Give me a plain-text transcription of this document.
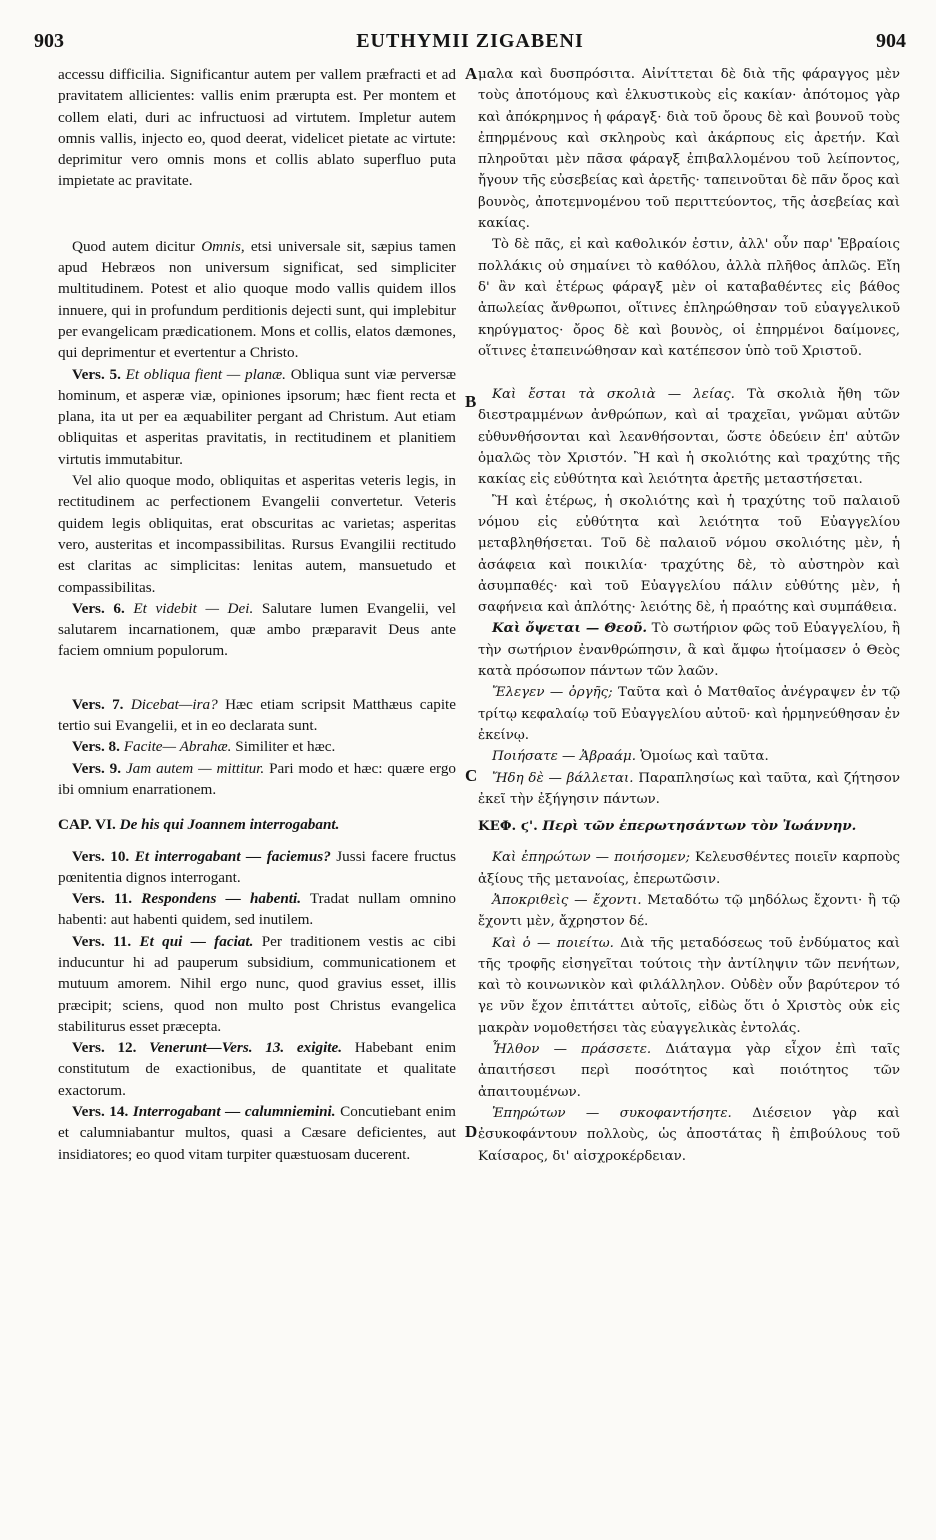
903	EUTHYMII ZIGABENI	904
A
B
C
D

accessu difficilia. Significantur autem per vallem præfracti et ad pravitatem allicientes: vallis enim prærupta est. Per montem et collem elati, duri ac infructuosi ad virtutem. Impletur autem omnis vallis, injecto eo, quod deerat, videlicet pietate ac virtute: deprimitur vero omnis mons et collis ablato superfluo puta impietate ac pravitate.

Quod autem dicitur Omnis, etsi universale sit, sæpius tamen apud Hebræos non universum significat, sed simpliciter multitudinem. Potest et alio quoque modo vallis quidem illos innuere, qui in profundum perditionis dejecti sunt, qui implebitur per evangelicam prædicationem. Mons et collis, elatos dæmones, qui deprimentur et evertentur a Christo.

Vers. 5. Et obliqua fient — planæ. Obliqua sunt viæ perversæ hominum, et asperæ viæ, opiniones ipsorum; hæc fient recta et plana, ita ut per ea æquabiliter pergant ad Christum. Aut etiam obliquitas et asperitas pravitatis, in rectitudinem et planitiem virtutis immutabitur.

Vel alio quoque modo, obliquitas et asperitas veteris legis, in rectitudinem ac perfectionem Evangelii convertetur. Veteris quidem legis obliquitas, erat obscuritas ac varietas; asperitas vero, austeritas et incompassibilitas. Rursus Evangilii rectitudo est claritas ac simplicitas: lenitas autem, mansuetudo et compassibilitas.

Vers. 6. Et videbit — Dei. Salutare lumen Evangelii, vel salutarem incarnationem, quæ ambo præparavit Deus ante faciem omnium populorum.

Vers. 7. Dicebat—ira? Hæc etiam scripsit Matthæus capite tertio sui Evangelii, et in eo declarata sunt.

Vers. 8. Facite— Abrahæ. Similiter et hæc.

Vers. 9. Jam autem — mittitur. Pari modo et hæc: quære ergo ibi omnium enarrationem.

CAP. VI. De his qui Joannem interrogabant.

Vers. 10. Et interrogabant — faciemus? Jussi facere fructus pœnitentia dignos interrogant.

Vers. 11. Respondens — habenti. Tradat nullam omnino habenti: aut habenti quidem, sed inutilem.

Vers. 11. Et qui — faciat. Per traditionem vestis ac cibi inducuntur hi ad pauperum subsidium, communicationem et mutuum amorem. Nihil ergo nunc, quod gravius esset, illis præcipit; sciens, quod non multo post Christus evangelica stabiliturus esset præcepta.

Vers. 12. Venerunt—Vers. 13. exigite. Habebant enim constitutum de exactionibus, de quantitate et qualitate exactorum.

Vers. 14. Interrogabant — calumniemini. Concutiebant enim et calumniabantur multos, quasi a Cæsare deficientes, aut insidiatores; eo quod vitam turpiter quæstuosam ducerent.

μαλα καὶ δυσπρόσιτα. Αἰνίττεται δὲ διὰ τῆς φάραγγος μὲν τοὺς ἀποτόμους καὶ ἑλκυστικοὺς εἰς κακίαν· ἀπότομος γὰρ καὶ ἀπόκρημνος ἡ φάραγξ· διὰ τοῦ ὄρους δὲ καὶ βουνοῦ τοὺς ἐπηρμένους καὶ σκληροὺς καὶ ἀκάρπους εἰς ἀρετήν. Καὶ πληροῦται μὲν πᾶσα φάραγξ ἐπιβαλλομένου τοῦ λείποντος, ἤγουν τῆς εὐσεβείας καὶ ἀρετῆς· ταπεινοῦται δὲ πᾶν ὄρος καὶ βουνὸς, ἀποτεμνομένου τοῦ περιττεύοντος, τῆς ἀσεβείας καὶ κακίας.

Τὸ δὲ πᾶς, εἰ καὶ καθολικόν ἐστιν, ἀλλ' οὖν παρ' Ἑβραίοις πολλάκις οὐ σημαίνει τὸ καθόλου, ἀλλὰ πλῆθος ἁπλῶς. Εἴη δ' ἂν καὶ ἑτέρως φάραγξ μὲν οἱ καταβαθέντες εἰς βάθος ἀπωλείας ἄνθρωποι, οἵτινες ἐπληρώθησαν τοῦ εὐαγγελικοῦ κηρύγματος· ὄρος δὲ καὶ βουνὸς, οἱ ἐπηρμένοι δαίμονες, οἵτινες ἐταπεινώθησαν καὶ κατέπεσον ὑπὸ τοῦ Χριστοῦ.

Καὶ ἔσται τὰ σκολιὰ — λείας. Τὰ σκολιὰ ἤθη τῶν διεστραμμένων ἀνθρώπων, καὶ αἱ τραχεῖαι, γνῶμαι αὐτῶν εὐθυνθήσονται καὶ λεανθήσονται, ὥστε ὁδεύειν ἐπ' αὐτῶν ὁμαλῶς τὸν Χριστόν. Ἢ καὶ ἡ σκολιότης καὶ τραχύτης τῆς κακίας εἰς εὐθύτητα καὶ λειότητα ἀρετῆς μεταστήσεται.

Ἢ καὶ ἑτέρως, ἡ σκολιότης καὶ ἡ τραχύτης τοῦ παλαιοῦ νόμου εἰς εὐθύτητα καὶ λειότητα τοῦ Εὐαγγελίου μεταβληθήσεται. Τοῦ δὲ παλαιοῦ νόμου σκολιότης μὲν, ἡ ἀσάφεια καὶ ποικιλία· τραχύτης δὲ, τὸ αὐστηρὸν καὶ ἀσυμπαθές· καὶ τοῦ Εὐαγγελίου πάλιν εὐθύτης μὲν, ἡ σαφήνεια καὶ ἁπλότης· λειότης δὲ, ἡ πραότης καὶ συμπάθεια.

Καὶ ὄψεται — Θεοῦ. Τὸ σωτήριον φῶς τοῦ Εὐαγγελίου, ἢ τὴν σωτήριον ἐνανθρώπησιν, ἃ καὶ ἄμφω ἡτοίμασεν ὁ Θεὸς κατὰ πρόσωπον πάντων τῶν λαῶν.

Ἔλεγεν — ὀργῆς; Ταῦτα καὶ ὁ Ματθαῖος ἀνέγραψεν ἐν τῷ τρίτῳ κεφαλαίῳ τοῦ Εὐαγγελίου αὐτοῦ· καὶ ἡρμηνεύθησαν ἐν ἐκείνῳ.

Ποιήσατε — Ἀβραάμ. Ὁμοίως καὶ ταῦτα.

Ἤδη δὲ — βάλλεται. Παραπλησίως καὶ ταῦτα, καὶ ζήτησον ἐκεῖ τὴν ἐξήγησιν πάντων.

ΚΕΦ. ϛ'. Περὶ τῶν ἐπερωτησάντων τὸν Ἰωάννην.

Καὶ ἐπηρώτων — ποιήσομεν; Κελευσθέντες ποιεῖν καρποὺς ἀξίους τῆς μετανοίας, ἐπερωτῶσιν.

Ἀποκριθεὶς — ἔχοντι. Μεταδότω τῷ μηδόλως ἔχοντι· ἢ τῷ ἔχοντι μὲν, ἄχρηστον δέ.

Καὶ ὁ — ποιείτω. Διὰ τῆς μεταδόσεως τοῦ ἐνδύματος καὶ τῆς τροφῆς εἰσηγεῖται τούτοις τὴν ἀντίληψιν τῶν πενήτων, καὶ τὸ κοινωνικὸν καὶ φιλάλληλον. Οὐδὲν οὖν βαρύτερον τό γε νῦν ἔχον ἐπιτάττει αὐτοῖς, εἰδὼς ὅτι ὁ Χριστὸς οὐκ εἰς μακρὰν νομοθετήσει τὰς εὐαγγελικὰς ἐντολάς.

Ἦλθον — πράσσετε. Διάταγμα γὰρ εἶχον ἐπὶ ταῖς ἀπαιτήσεσι περὶ ποσότητος καὶ ποιότητος τῶν ἀπαιτουμένων.

Ἐπηρώτων — συκοφαντήσητε. Διέσειον γὰρ καὶ ἐσυκοφάντουν πολλοὺς, ὡς ἀποστάτας ἢ ἐπιβούλους τοῦ Καίσαρος, δι' αἰσχροκέρδειαν.
